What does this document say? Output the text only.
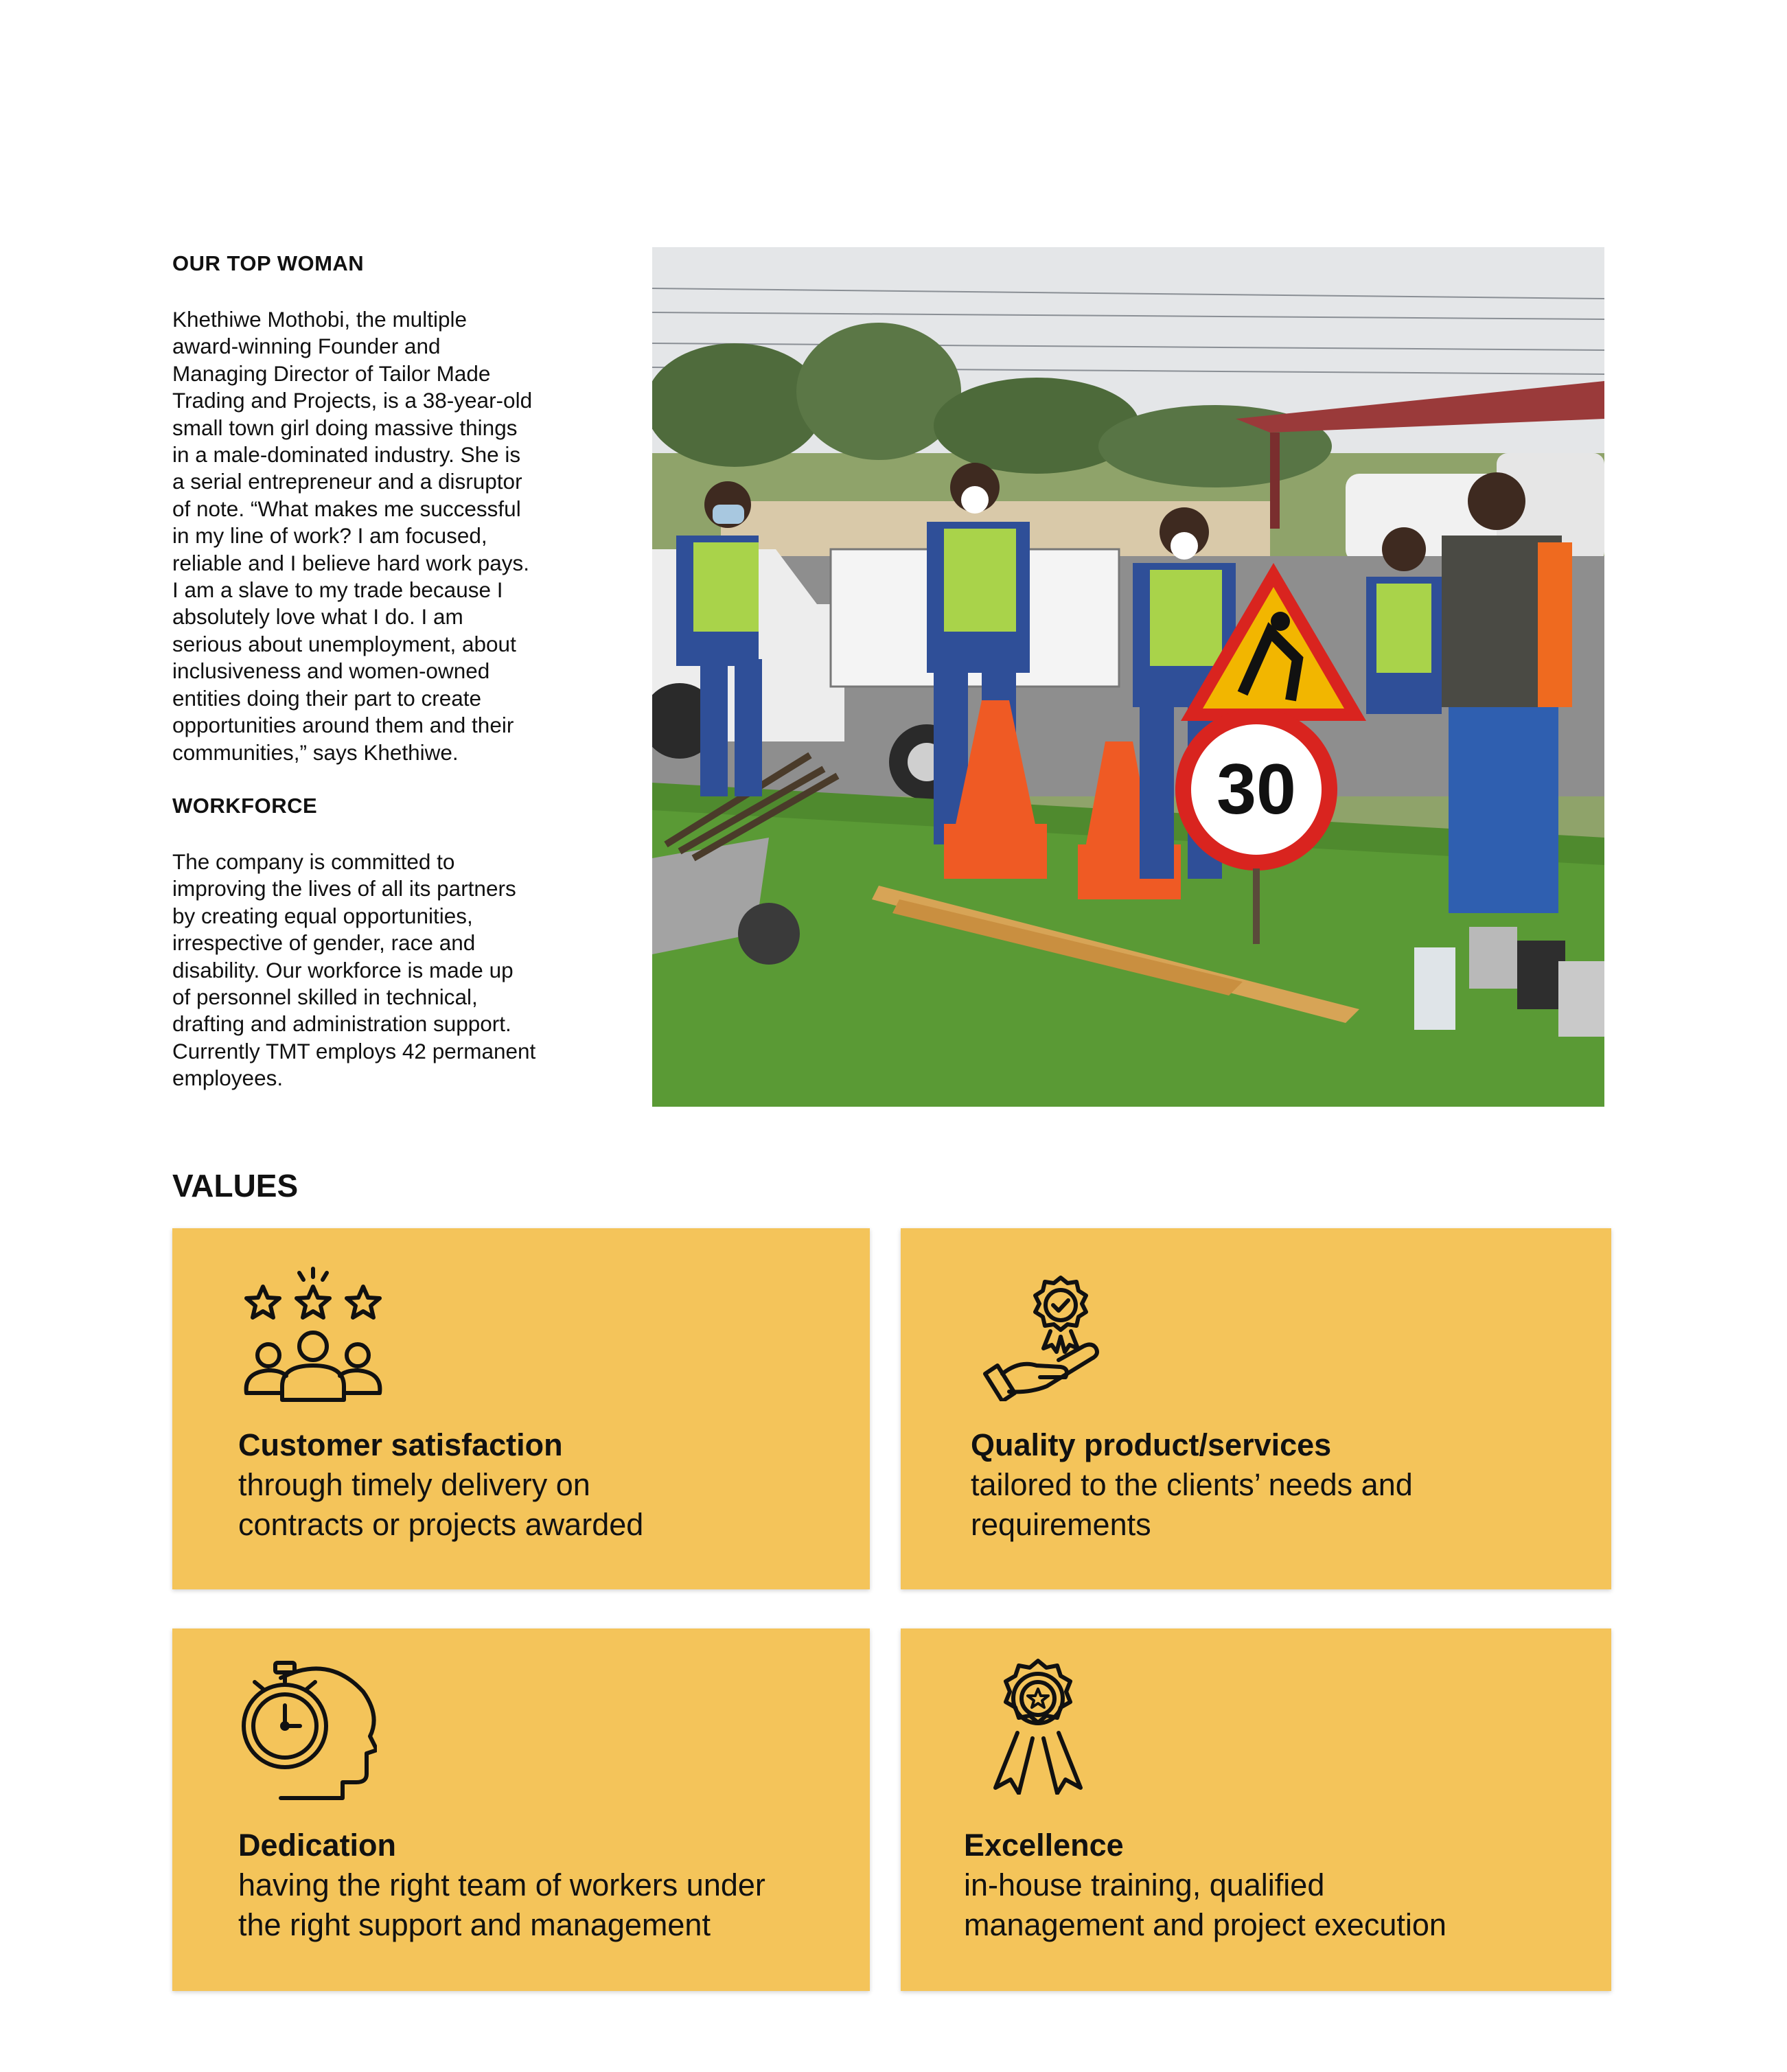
OUR TOP WOMAN

Khethiwe Mothobi, the multiple

award-winning Founder and

Managing Director of Tailor Made

Trading and Projects, is a 38-year-old

small town girl doing massive things

in a male-dominated industry. She is

a serial entrepreneur and a disruptor

of note. “What makes me successful

in my line of work? I am focused,

reliable and I believe hard work pays.

I am a slave to my trade because I

absolutely love what I do. I am

serious about unemployment, about

inclusiveness and women-owned

entities doing their part to create

opportunities around them and their

communities,” says Khethiwe.

WORKFORCE

The company is committed to

improving the lives of all its partners

by creating equal opportunities,

irrespective of gender, race and

disability. Our workforce is made up

of personnel skilled in technical,

drafting and administration support.

Currently TMT employs 42 permanent

employees.

30
VALUES

Customer satisfaction

through timely delivery on

contracts or projects awarded

Quality product/services

tailored to the clients’ needs and

requirements

Dedication

having the right team of workers under

the right support and management

Excellence

in-house training, qualified

management and project execution
